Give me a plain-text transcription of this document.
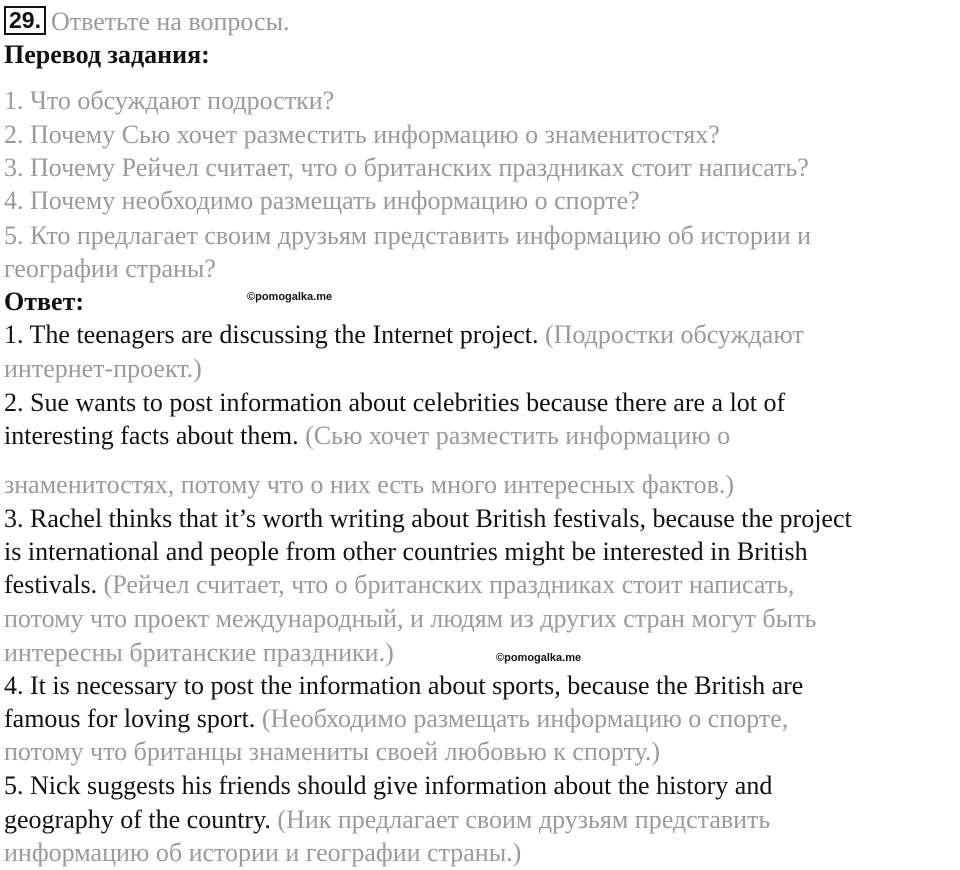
29. Ответьте на вопросы.
Перевод задания:
1. Что обсуждают подростки?
2. Почему Сью хочет разместить информацию о знаменитостях?
3. Почему Рейчел считает, что о британских праздниках стоит написать?
4. Почему необходимо размещать информацию о спорте?
5. Кто предлагает своим друзьям представить информацию об истории и
географии страны?
Ответ:	©pomogalka.me
1. The teenagers are discussing the Internet project. (Подростки обсуждают
интернет-проект.)
2. Sue wants to post information about celebrities because there are a lot of
interesting facts about them. (Сью хочет разместить информацию о
знаменитостях, потому что о них есть много интересных фактов.)
3. Rachel thinks that it’s worth writing about British festivals, because the project
is international and people from other countries might be interested in British
festivals. (Рейчел считает, что о британских праздниках стоит написать,
потому что проект международный, и людям из других стран могут быть
интересны британские праздники.)	©pomogalka.me
4. It is necessary to post the information about sports, because the British are
famous for loving sport. (Необходимо размещать информацию о спорте,
потому что британцы знамениты своей любовью к спорту.)
5. Nick suggests his friends should give information about the history and
geography of the country. (Ник предлагает своим друзьям представить
информацию об истории и географии страны.)
